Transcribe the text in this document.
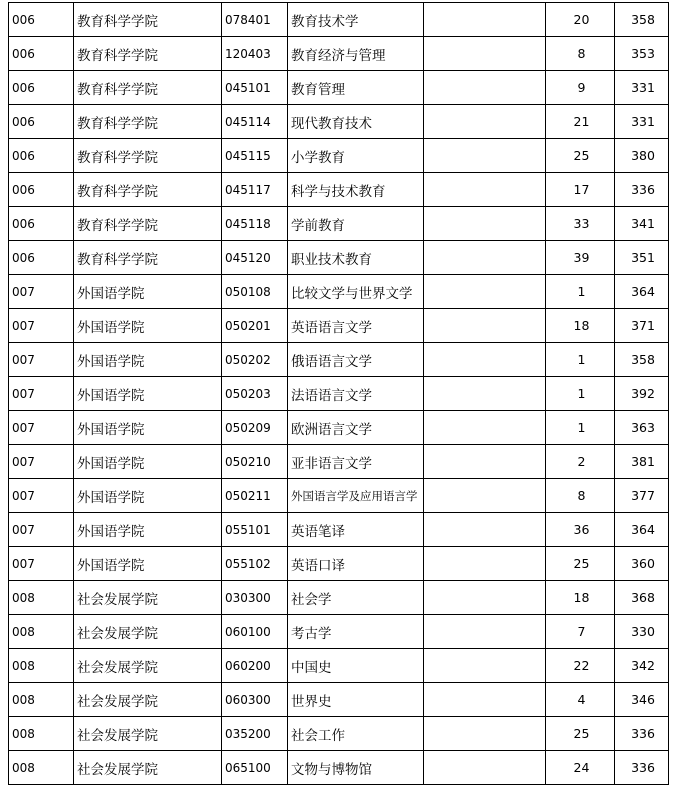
006	教育科学学院	078401	教育技术学		20	358
006	教育科学学院	120403	教育经济与管理		8	353
006	教育科学学院	045101	教育管理		9	331
006	教育科学学院	045114	现代教育技术		21	331
006	教育科学学院	045115	小学教育		25	380
006	教育科学学院	045117	科学与技术教育		17	336
006	教育科学学院	045118	学前教育		33	341
006	教育科学学院	045120	职业技术教育		39	351
007	外国语学院	050108	比较文学与世界文学		1	364
007	外国语学院	050201	英语语言文学		18	371
007	外国语学院	050202	俄语语言文学		1	358
007	外国语学院	050203	法语语言文学		1	392
007	外国语学院	050209	欧洲语言文学		1	363
007	外国语学院	050210	亚非语言文学		2	381
007	外国语学院	050211	外国语言学及应用语言学		8	377
007	外国语学院	055101	英语笔译		36	364
007	外国语学院	055102	英语口译		25	360
008	社会发展学院	030300	社会学		18	368
008	社会发展学院	060100	考古学		7	330
008	社会发展学院	060200	中国史		22	342
008	社会发展学院	060300	世界史		4	346
008	社会发展学院	035200	社会工作		25	336
008	社会发展学院	065100	文物与博物馆		24	336
